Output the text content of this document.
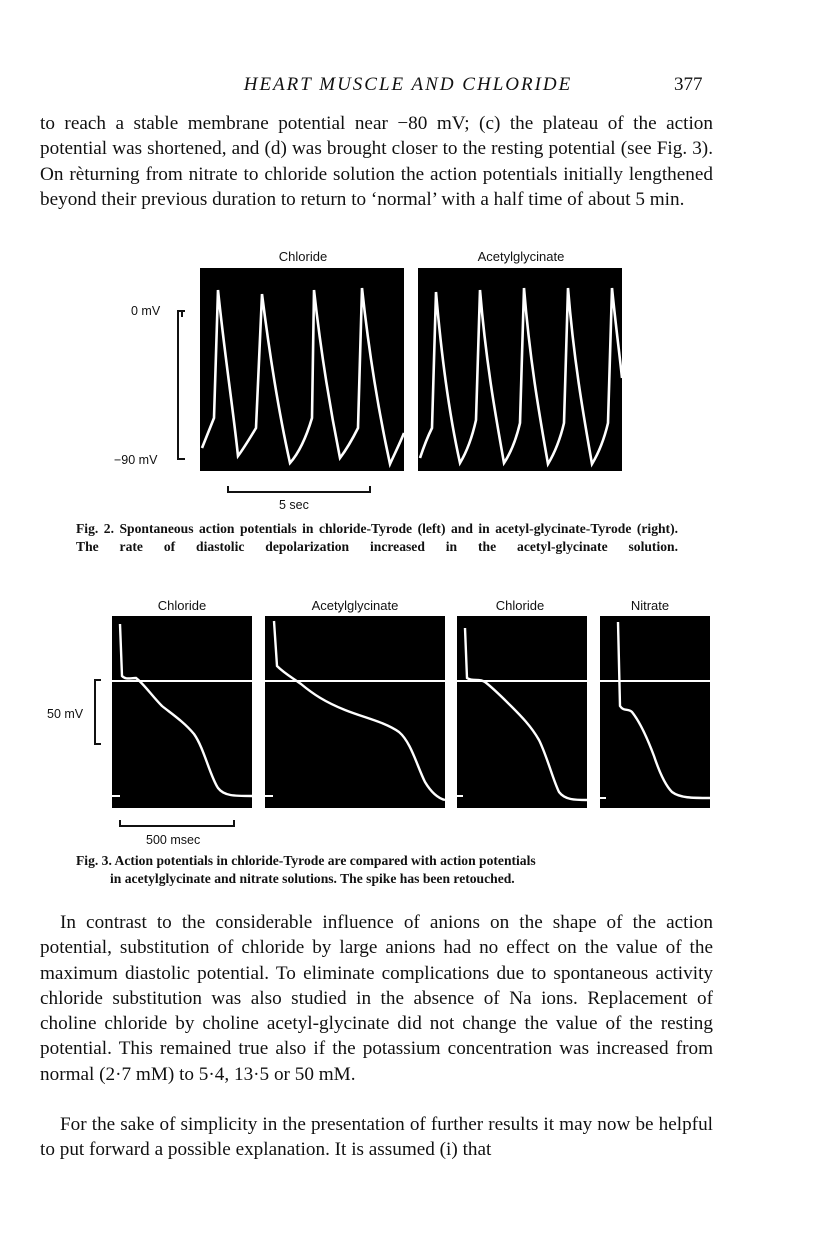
HEART MUSCLE AND CHLORIDE	377
to reach a stable membrane potential near −80 mV; (c) the plateau of the action potential was shortened, and (d) was brought closer to the resting potential (see Fig. 3). On rèturning from nitrate to chloride solution the action potentials initially lengthened beyond their previous duration to return to ‘normal’ with a half time of about 5 min.
Chloride	Acetylglycinate
0 mV
−90 mV
5 sec
Fig. 2. Spontaneous action potentials in chloride-Tyrode (left) and in acetyl-glycinate-Tyrode (right). The rate of diastolic depolarization increased in the acetyl-glycinate solution.
Chloride	Acetylglycinate	Chloride	Nitrate
50 mV
500 msec
Fig. 3. Action potentials in chloride-Tyrode are compared with action potentials
in acetylglycinate and nitrate solutions. The spike has been retouched.
In contrast to the considerable influence of anions on the shape of the action potential, substitution of chloride by large anions had no effect on the value of the maximum diastolic potential. To eliminate complications due to spontaneous activity chloride substitution was also studied in the absence of Na ions. Replacement of choline chloride by choline acetyl-glycinate did not change the value of the resting potential. This remained true also if the potassium concentration was increased from normal (2·7 mM) to 5·4, 13·5 or 50 mM.
For the sake of simplicity in the presentation of further results it may now be helpful to put forward a possible explanation. It is assumed (i) that
